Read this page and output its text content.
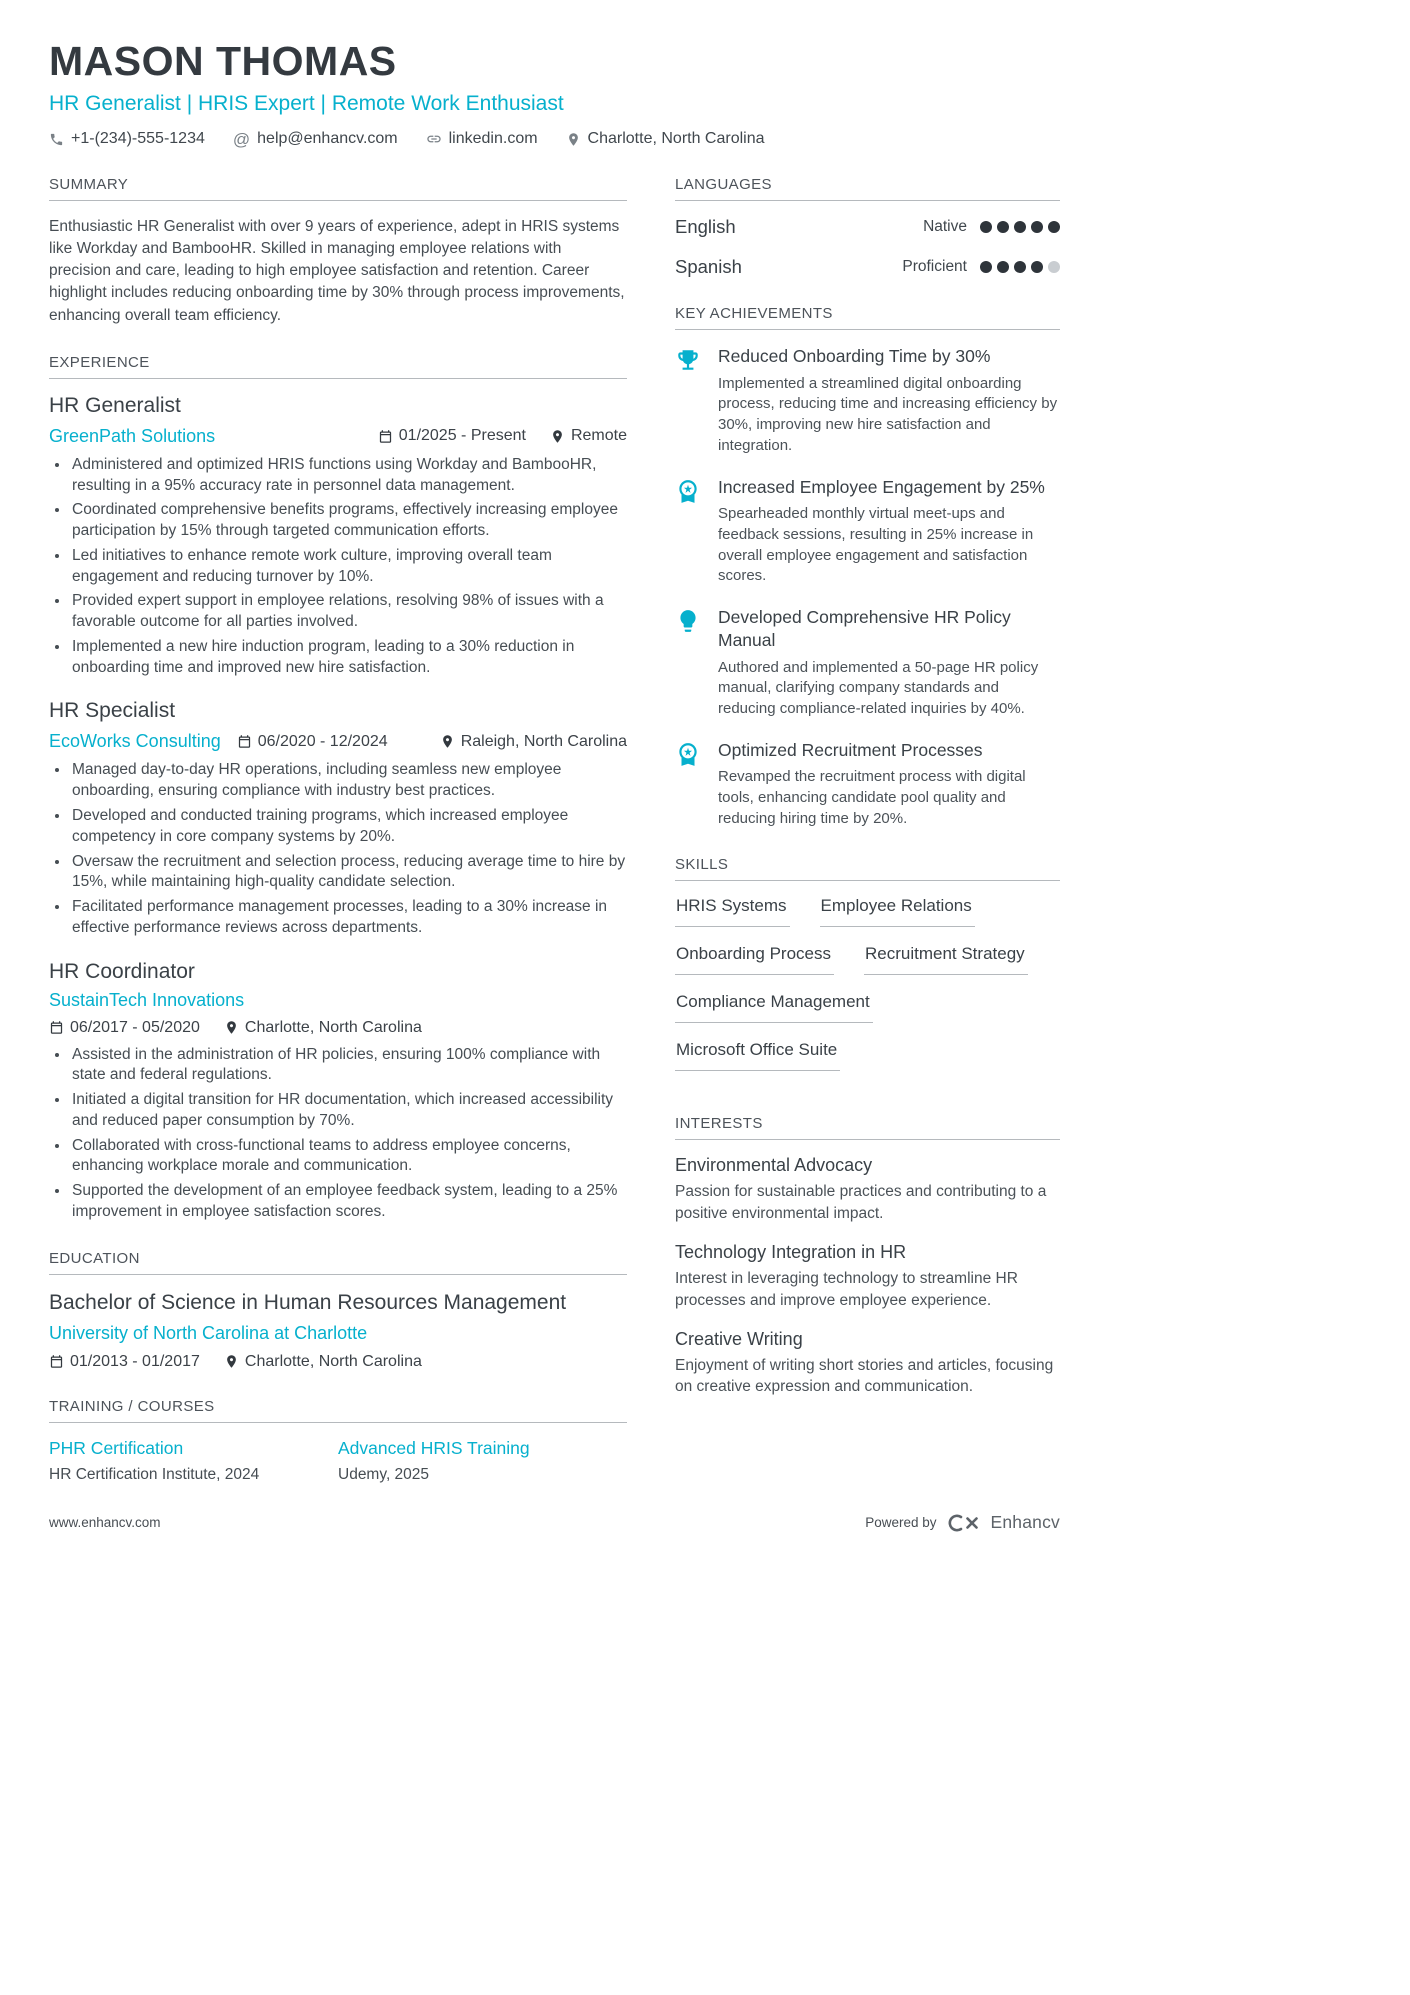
MASON THOMAS
HR Generalist | HRIS Expert | Remote Work Enthusiast
+1-(234)-555-1234 @ help@enhancv.com	linkedin.com	Charlotte, North Carolina
SUMMARY
Enthusiastic HR Generalist with over 9 years of experience, adept in HRIS systems like Workday and BambooHR. Skilled in managing employee relations with precision and care, leading to high employee satisfaction and retention. Career highlight includes reducing onboarding time by 30% through process improvements, enhancing overall team efficiency.
EXPERIENCE
HR Generalist
GreenPath Solutions	01/2025 - Present	Remote
• Administered and optimized HRIS functions using Workday and BambooHR, resulting in a 95% accuracy rate in personnel data management.
• Coordinated comprehensive benefits programs, effectively increasing employee participation by 15% through targeted communication efforts.
• Led initiatives to enhance remote work culture, improving overall team engagement and reducing turnover by 10%.
• Provided expert support in employee relations, resolving 98% of issues with a favorable outcome for all parties involved.
• Implemented a new hire induction program, leading to a 30% reduction in onboarding time and improved new hire satisfaction.
HR Specialist
EcoWorks Consulting 06/2020 - 12/2024	Raleigh, North Carolina
• Managed day-to-day HR operations, including seamless new employee onboarding, ensuring compliance with industry best practices.
• Developed and conducted training programs, which increased employee competency in core company systems by 20%.
• Oversaw the recruitment and selection process, reducing average time to hire by 15%, while maintaining high-quality candidate selection.
• Facilitated performance management processes, leading to a 30% increase in effective performance reviews across departments.
HR Coordinator
SustainTech Innovations
06/2017 - 05/2020	Charlotte, North Carolina
• Assisted in the administration of HR policies, ensuring 100% compliance with state and federal regulations.
• Initiated a digital transition for HR documentation, which increased accessibility and reduced paper consumption by 70%.
• Collaborated with cross-functional teams to address employee concerns, enhancing workplace morale and communication.
• Supported the development of an employee feedback system, leading to a 25% improvement in employee satisfaction scores.
EDUCATION
Bachelor of Science in Human Resources Management
University of North Carolina at Charlotte
01/2013 - 01/2017	Charlotte, North Carolina
TRAINING / COURSES
PHR Certification
HR Certification Institute, 2024
Advanced HRIS Training
Udemy, 2025
LANGUAGES
English	Native
Spanish	Proficient
KEY ACHIEVEMENTS
Reduced Onboarding Time by 30%
Implemented a streamlined digital onboarding process, reducing time and increasing efficiency by 30%, improving new hire satisfaction and integration.
Increased Employee Engagement by 25%
Spearheaded monthly virtual meet-ups and feedback sessions, resulting in 25% increase in overall employee engagement and satisfaction scores.
Developed Comprehensive HR Policy Manual
Authored and implemented a 50-page HR policy manual, clarifying company standards and reducing compliance-related inquiries by 40%.
Optimized Recruitment Processes
Revamped the recruitment process with digital tools, enhancing candidate pool quality and reducing hiring time by 20%.
SKILLS
HRIS Systems Employee Relations
Onboarding Process Recruitment Strategy
Compliance Management
Microsoft Office Suite
INTERESTS
Environmental Advocacy
Passion for sustainable practices and contributing to a positive environmental impact.
Technology Integration in HR
Interest in leveraging technology to streamline HR processes and improve employee experience.
Creative Writing
Enjoyment of writing short stories and articles, focusing on creative expression and communication.
www.enhancv.com	Powered by	Enhancv
